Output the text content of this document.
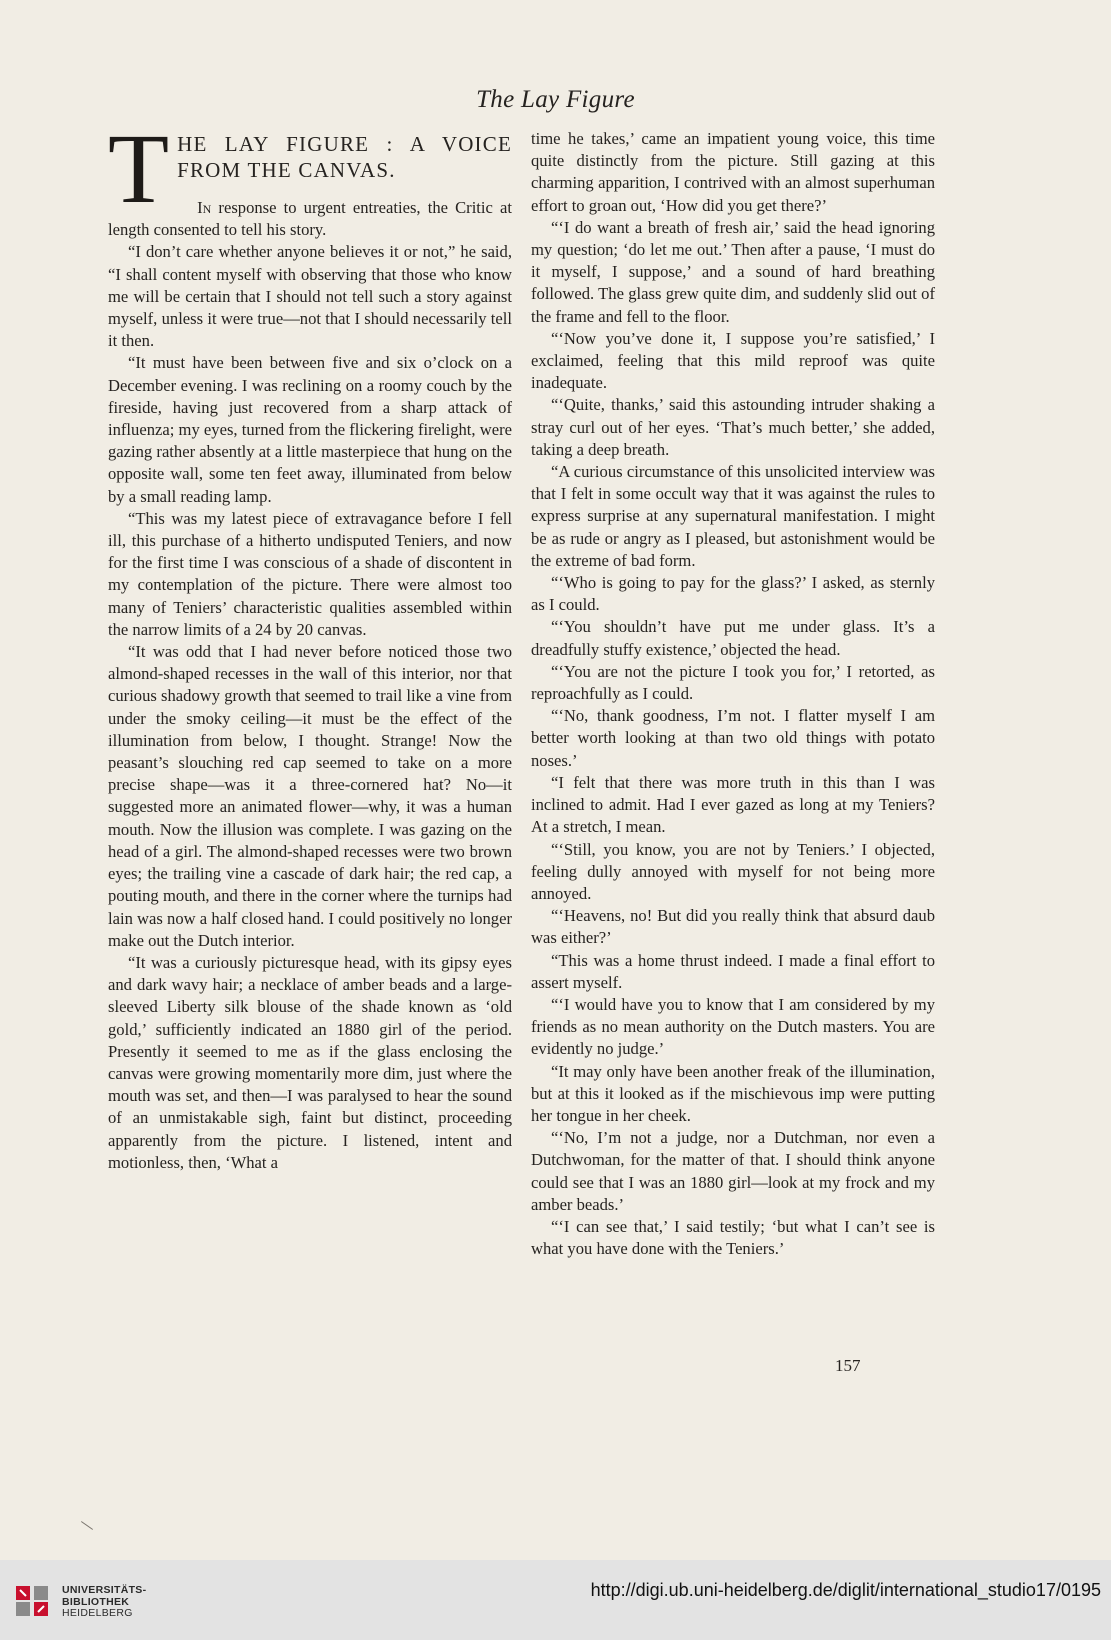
The Lay Figure
T HE LAY FIGURE : A VOICE FROM THE CANVAS.

In response to urgent entreaties, the Critic at length consented to tell his story.

“I don’t care whether anyone believes it or not,” he said, “I shall content myself with observing that those who know me will be certain that I should not tell such a story against myself, unless it were true—not that I should necessarily tell it then.

“It must have been between five and six o’clock on a December evening. I was reclining on a roomy couch by the fireside, having just recovered from a sharp attack of influenza; my eyes, turned from the flickering firelight, were gazing rather absently at a little masterpiece that hung on the opposite wall, some ten feet away, illuminated from below by a small reading lamp.

“This was my latest piece of extravagance before I fell ill, this purchase of a hitherto undisputed Teniers, and now for the first time I was conscious of a shade of discontent in my contemplation of the picture. There were almost too many of Teniers’ characteristic qualities assembled within the narrow limits of a 24 by 20 canvas.

“It was odd that I had never before noticed those two almond-shaped recesses in the wall of this interior, nor that curious shadowy growth that seemed to trail like a vine from under the smoky ceiling—it must be the effect of the illumination from below, I thought. Strange! Now the peasant’s slouching red cap seemed to take on a more precise shape—was it a three-cornered hat? No—it suggested more an animated flower—why, it was a human mouth. Now the illusion was complete. I was gazing on the head of a girl. The almond-shaped recesses were two brown eyes; the trailing vine a cascade of dark hair; the red cap, a pouting mouth, and there in the corner where the turnips had lain was now a half closed hand. I could positively no longer make out the Dutch interior.

“It was a curiously picturesque head, with its gipsy eyes and dark wavy hair; a necklace of amber beads and a large-sleeved Liberty silk blouse of the shade known as ‘old gold,’ sufficiently indicated an 1880 girl of the period. Presently it seemed to me as if the glass enclosing the canvas were growing momentarily more dim, just where the mouth was set, and then—I was paralysed to hear the sound of an unmistakable sigh, faint but distinct, proceeding apparently from the picture. I listened, intent and motionless, then, ‘What a

time he takes,’ came an impatient young voice, this time quite distinctly from the picture. Still gazing at this charming apparition, I contrived with an almost superhuman effort to groan out, ‘How did you get there?’

“‘I do want a breath of fresh air,’ said the head ignoring my question; ‘do let me out.’ Then after a pause, ‘I must do it myself, I suppose,’ and a sound of hard breathing followed. The glass grew quite dim, and suddenly slid out of the frame and fell to the floor.

“‘Now you’ve done it, I suppose you’re satisfied,’ I exclaimed, feeling that this mild reproof was quite inadequate.

“‘Quite, thanks,’ said this astounding intruder shaking a stray curl out of her eyes. ‘That’s much better,’ she added, taking a deep breath.

“A curious circumstance of this unsolicited interview was that I felt in some occult way that it was against the rules to express surprise at any supernatural manifestation. I might be as rude or angry as I pleased, but astonishment would be the extreme of bad form.

“‘Who is going to pay for the glass?’ I asked, as sternly as I could.

“‘You shouldn’t have put me under glass. It’s a dreadfully stuffy existence,’ objected the head.

“‘You are not the picture I took you for,’ I retorted, as reproachfully as I could.

“‘No, thank goodness, I’m not. I flatter myself I am better worth looking at than two old things with potato noses.’

“I felt that there was more truth in this than I was inclined to admit. Had I ever gazed as long at my Teniers? At a stretch, I mean.

“‘Still, you know, you are not by Teniers.’ I objected, feeling dully annoyed with myself for not being more annoyed.

“‘Heavens, no! But did you really think that absurd daub was either?’

“This was a home thrust indeed. I made a final effort to assert myself.

“‘I would have you to know that I am considered by my friends as no mean authority on the Dutch masters. You are evidently no judge.’

“It may only have been another freak of the illumination, but at this it looked as if the mischievous imp were putting her tongue in her cheek.

“‘No, I’m not a judge, nor a Dutchman, nor even a Dutchwoman, for the matter of that. I should think anyone could see that I was an 1880 girl—look at my frock and my amber beads.’

“‘I can see that,’ I said testily; ‘but what I can’t see is what you have done with the Teniers.’

157
UNIVERSITÄTS-
BIBLIOTHEK
HEIDELBERG
http://digi.ub.uni-heidelberg.de/diglit/international_studio17/0195
